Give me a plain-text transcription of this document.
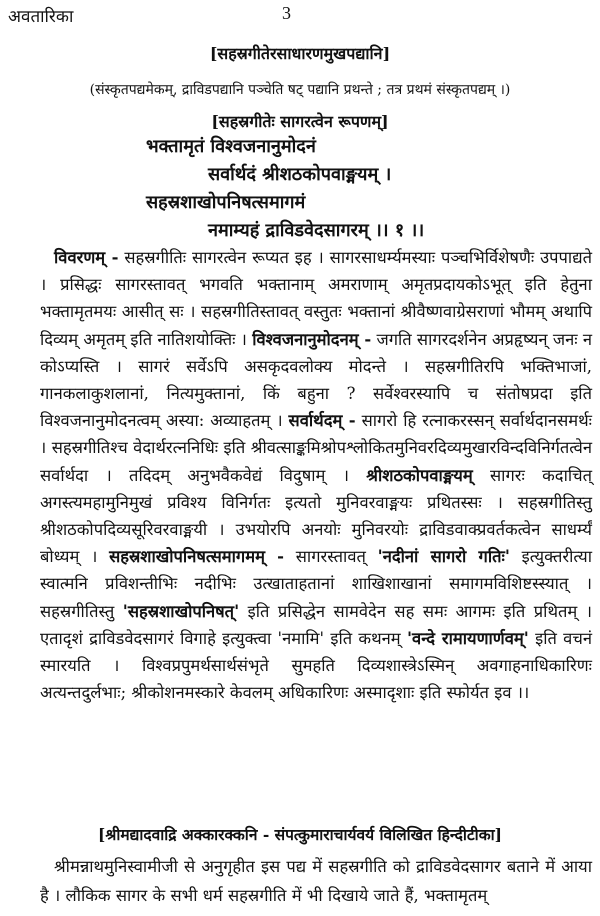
अवतारिका	3
[सहस्रगीतेरसाधारणमुखपद्यानि]
(संस्कृतपद्यमेकम्, द्राविडपद्यानि पञ्चेति षट् पद्यानि प्रथन्ते ; तत्र प्रथमं संस्कृतपद्यम् ।)
[सहस्रगीतेः सागरत्वेन रूपणम्]
भक्तामृतं विश्वजनानुमोदनं
सर्वार्थदं श्रीशठकोपवाङ्मयम् ।
सहस्रशाखोपनिषत्समागमं
नमाम्यहं द्राविडवेदसागरम् ।। १ ।।

विवरणम् - सहस्रगीतिः सागरत्वेन रूप्यत इह । सागरसाधर्म्यमस्याः पञ्चभिर्विशेषणैः उपपाद्यते । प्रसिद्धः सागरस्तावत् भगवति भक्तानाम् अमराणाम् अमृतप्रदायकोऽभूत् इति हेतुना भक्तामृतमयः आसीत् सः । सहस्रगीतिस्तावत् वस्तुतः भक्तानां श्रीवैष्णवाग्रेसराणां भौमम् अथापि दिव्यम् अमृतम् इति नातिशयोक्तिः । विश्वजनानुमोदनम् - जगति सागरदर्शनेन अप्रहृष्यन् जनः न कोऽप्यस्ति । सागरं सर्वेऽपि असकृदवलोक्य मोदन्ते । सहस्रगीतिरपि भक्तिभाजां, गानकलाकुशलानां, नित्यमुक्तानां, किं बहुना ? सर्वेश्वरस्यापि च संतोषप्रदा इति विश्वजनानुमोदनत्वम् अस्या: अव्याहतम् । सर्वार्थदम् - सागरो हि रत्नाकरस्सन् सर्वार्थदानसमर्थः । सहस्रगीतिश्च वेदार्थरत्ननिधिः इति श्रीवत्साङ्कमिश्रोपश्लोकितमुनिवरदिव्यमुखारविन्दविनिर्गतत्वेन सर्वार्थदा । तदिदम् अनुभवैकवेद्यं विदुषाम् । श्रीशठकोपवाङ्मयम् सागरः कदाचित् अगस्त्यमहामुनिमुखं प्रविश्य विनिर्गतः इत्यतो मुनिवरवाङ्मयः प्रथितस्सः । सहस्रगीतिस्तु श्रीशठकोपदिव्यसूरिवरवाङ्मयी । उभयोरपि अनयोः मुनिवरयोः द्राविडवाक्प्रवर्तकत्वेन साधर्म्यं बोध्यम् । सहस्रशाखोपनिषत्समागमम् - सागरस्तावत् 'नदीनां सागरो गतिः' इत्युक्तरीत्या स्वात्मनि प्रविशन्तीभिः नदीभिः उत्खाताहतानां शाखिशाखानां समागमविशिष्टस्स्यात् । सहस्रगीतिस्तु 'सहस्रशाखोपनिषत्' इति प्रसिद्धेन सामवेदेन सह समः आगमः इति प्रथितम् । एतादृशं द्राविडवेदसागरं विगाहे इत्युक्त्वा 'नमामि' इति कथनम् 'वन्दे रामायणार्णवम्' इति वचनं स्मारयति । विश्वप्रपुमर्थसार्थसंभृते सुमहति दिव्यशास्त्रेऽस्मिन् अवगाहनाधिकारिणः अत्यन्तदुर्लभाः; श्रीकोशनमस्कारे केवलम् अधिकारिणः अस्मादृशाः इति स्फोर्यत इव ।।

[श्रीमद्यादवाद्रि अक्कारक्कनि - संपत्कुमाराचार्यवर्य विलिखित हिन्दीटीका]

श्रीमन्नाथमुनिस्वामीजी से अनुगृहीत इस पद्य में सहस्रगीति को द्राविडवेदसागर बताने में आया है । लौकिक सागर के सभी धर्म सहस्रगीति में भी दिखाये जाते हैं, भक्तामृतम्
